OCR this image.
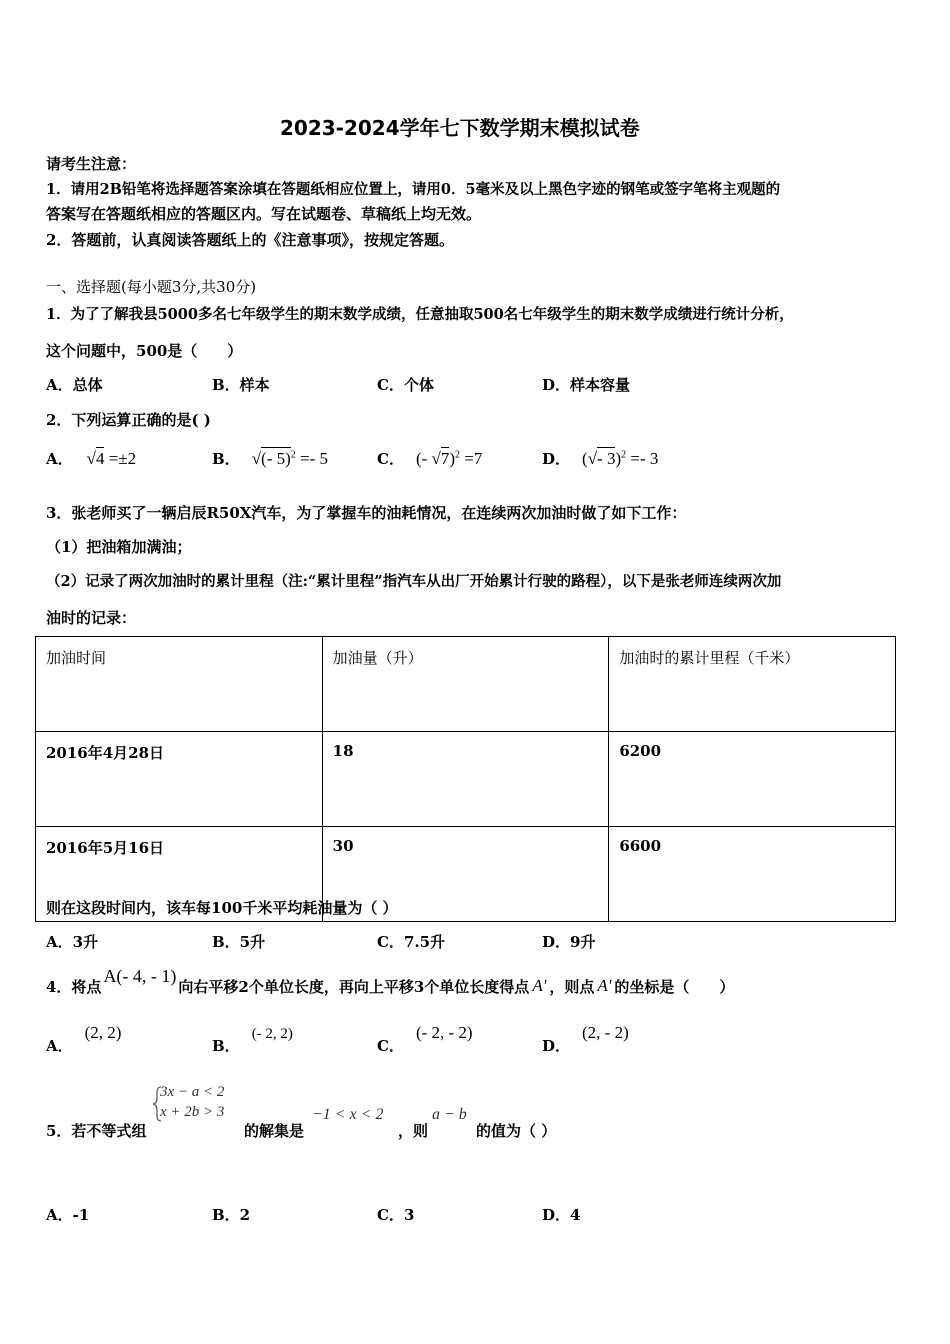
2023-2024学年七下数学期末模拟试卷
请考生注意：
1．请用2B铅笔将选择题答案涂填在答题纸相应位置上，请用0．5毫米及以上黑色字迹的钢笔或签字笔将主观题的
答案写在答题纸相应的答题区内。写在试题卷、草稿纸上均无效。
2．答题前，认真阅读答题纸上的《注意事项》，按规定答题。
一、选择题(每小题3分,共30分)
1．为了了解我县5000多名七年级学生的期末数学成绩，任意抽取500名七年级学生的期末数学成绩进行统计分析，
这个问题中，500是（　　）
A．总体	B．样本	C．个体	D．样本容量
2．下列运算正确的是( )
A． √4 =±2	B． √(- 5)$^2$ =- 5	C． (- √7)$^2$ =7	D． (√- 3)$^2$ =- 3
3．张老师买了一辆启辰R50X汽车，为了掌握车的油耗情况，在连续两次加油时做了如下工作：
（1）把油箱加满油；
（2）记录了两次加油时的累计里程（注:“累计里程”指汽车从出厂开始累计行驶的路程），以下是张老师连续两次加
油时的记录：
加油时间	加油量（升）	加油时的累计里程（千米）
2016年4月28日	18	6200
2016年5月16日	30	6600
则在这段时间内，该车每100千米平均耗油量为（ ）
A．3升	B．5升	C．7.5升	D．9升
4．将点A(- 4, - 1)向右平移2个单位长度，再向上平移3个单位长度得点 A' ，则点 A' 的坐标是（　　）
A．(2, 2)
B．(- 2, 2)
C．(- 2, - 2)
D．(2, - 2)
3x − a < 2
x + 2b > 3
5．若不等式组	的解集是
−1 < x < 2
，则
a − b
的值为（ ）
A．-1	B．2	C．3	D．4
